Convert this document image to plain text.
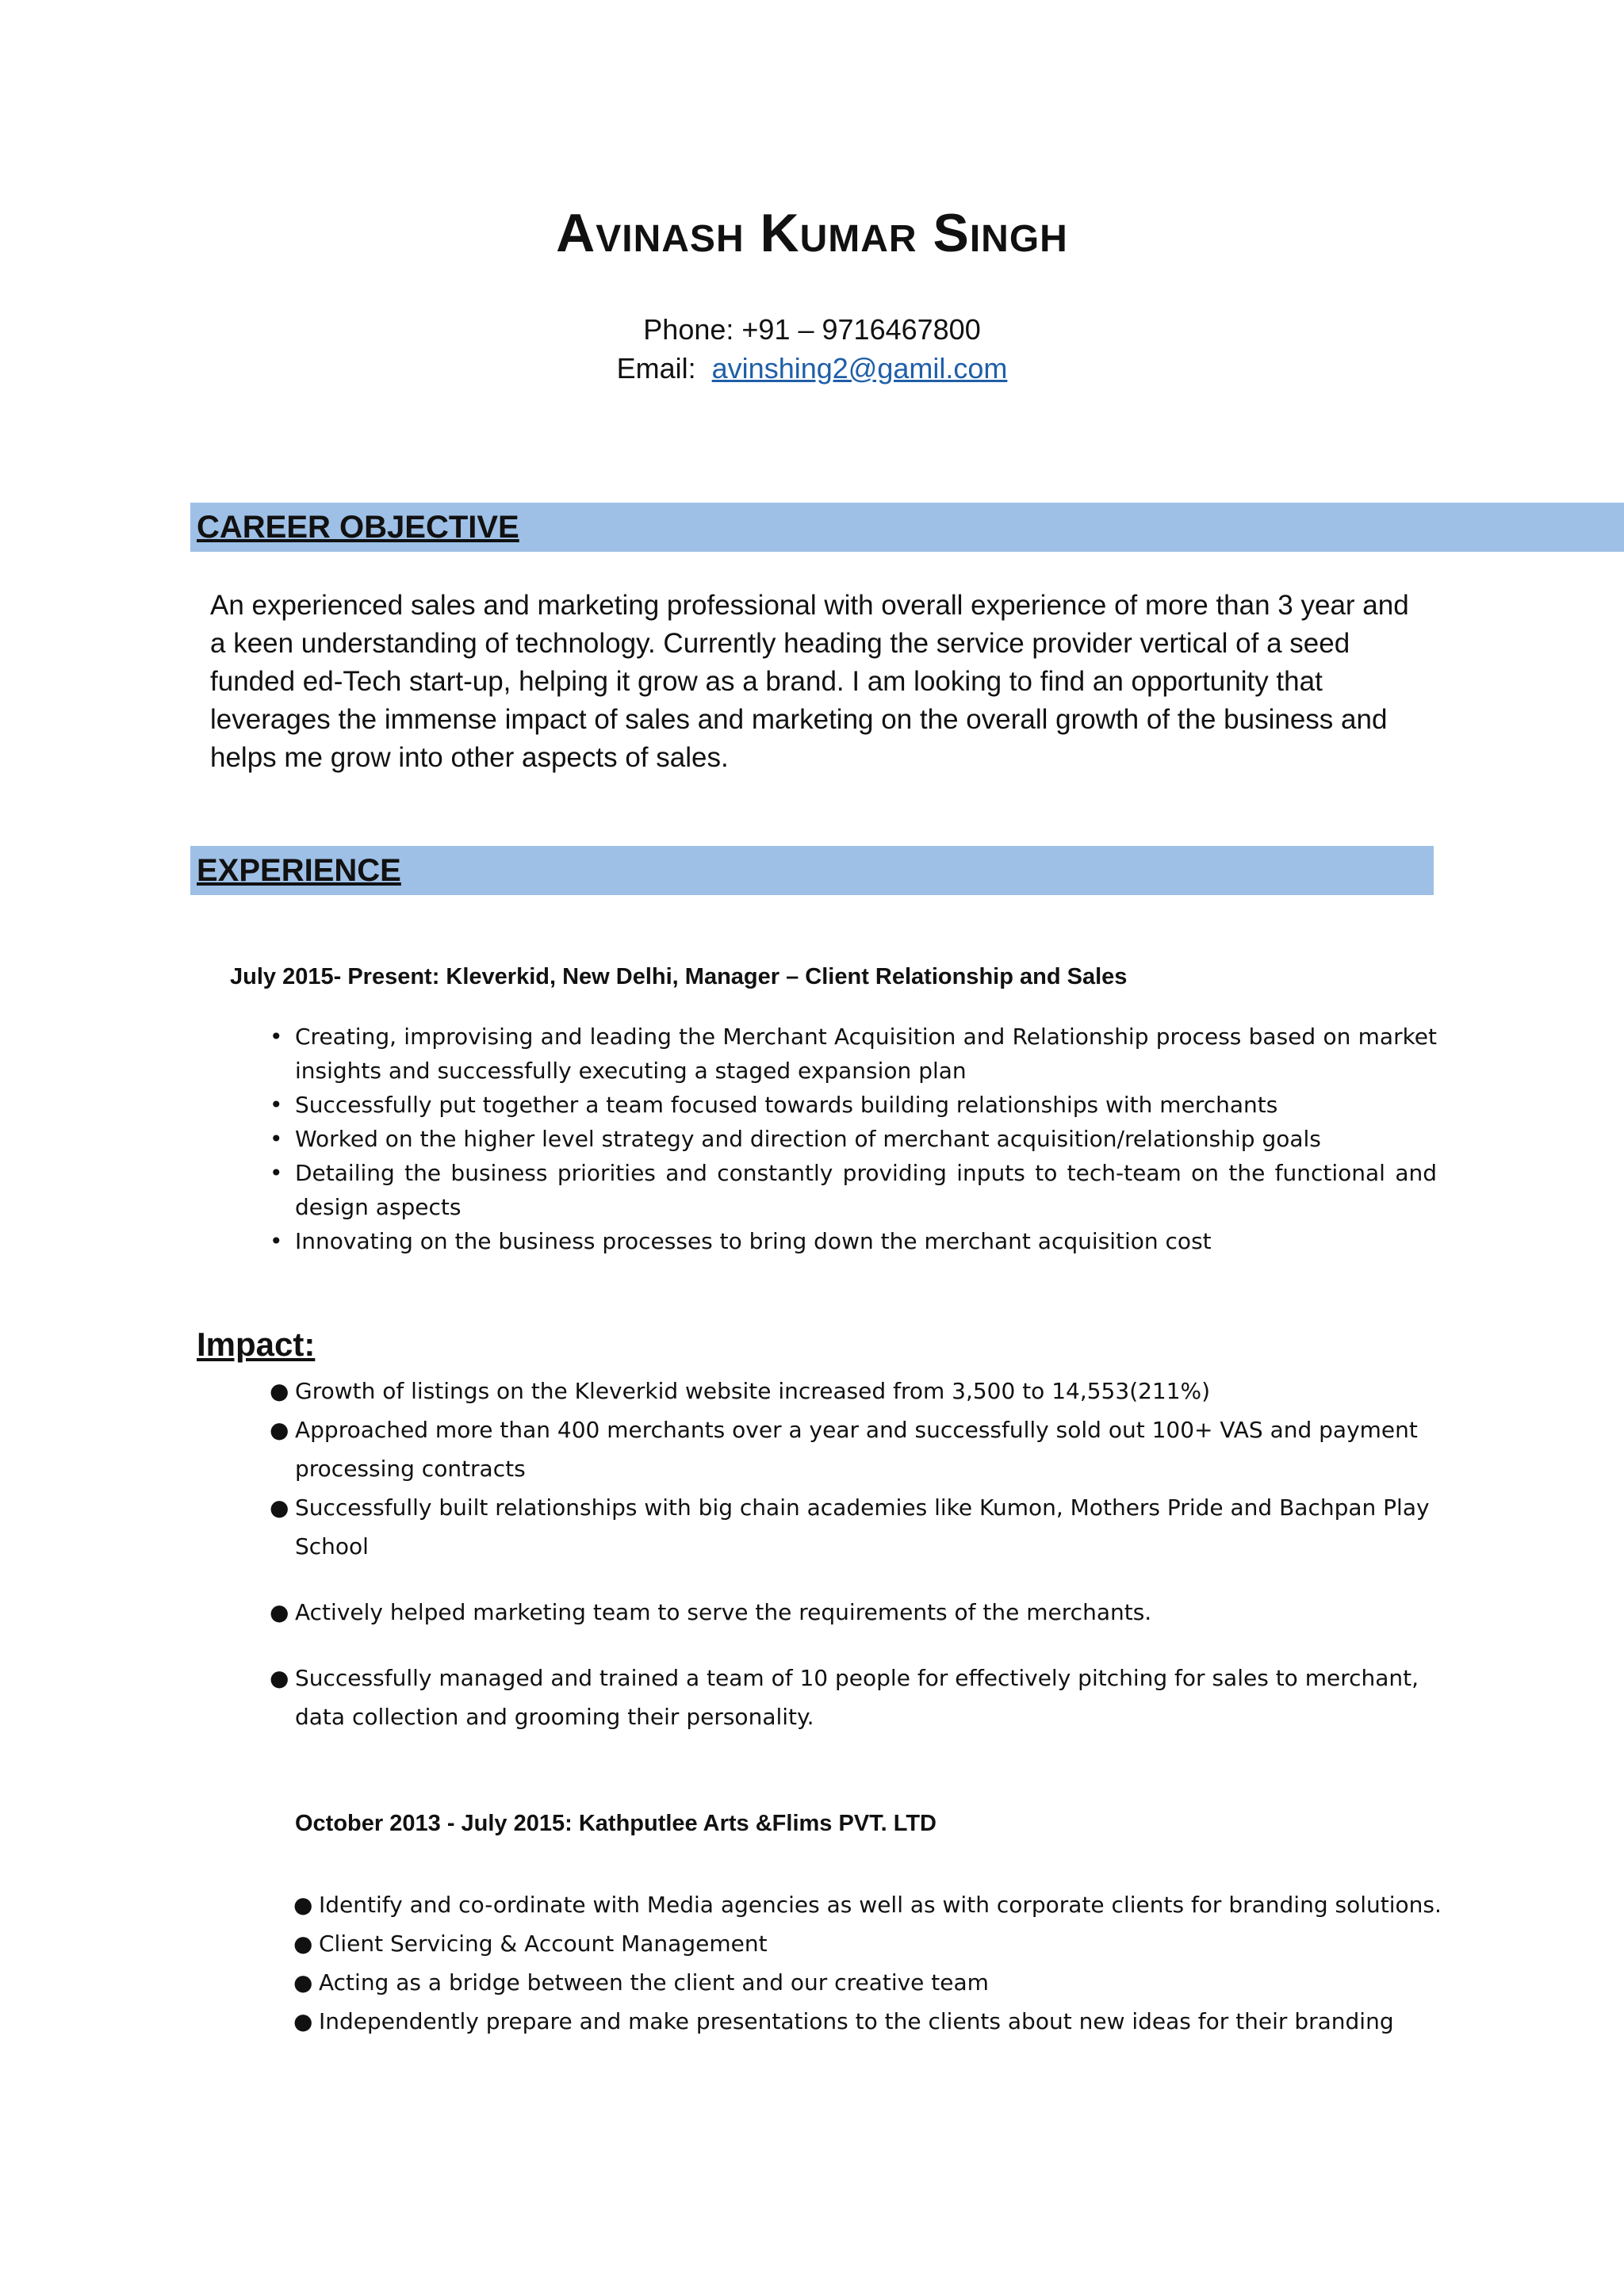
Avinash Kumar Singh
Phone: +91 – 9716467800
Email: avinshing2@gamil.com
CAREER OBJECTIVE
An experienced sales and marketing professional with overall experience of more than 3 year and a keen understanding of technology. Currently heading the service provider vertical of a seed funded ed-Tech start-up, helping it grow as a brand. I am looking to find an opportunity that leverages the immense impact of sales and marketing on the overall growth of the business and helps me grow into other aspects of sales.
EXPERIENCE
July 2015- Present: Kleverkid, New Delhi, Manager – Client Relationship and Sales
• Creating, improvising and leading the Merchant Acquisition and Relationship process based on market insights and successfully executing a staged expansion plan
• Successfully put together a team focused towards building relationships with merchants
• Worked on the higher level strategy and direction of merchant acquisition/relationship goals
• Detailing the business priorities and constantly providing inputs to tech-team on the functional and design aspects
• Innovating on the business processes to bring down the merchant acquisition cost
Impact:
● Growth of listings on the Kleverkid website increased from 3,500 to 14,553(211%)
● Approached more than 400 merchants over a year and successfully sold out 100+ VAS and payment processing contracts
● Successfully built relationships with big chain academies like Kumon, Mothers Pride and Bachpan Play School
● Actively helped marketing team to serve the requirements of the merchants.
● Successfully managed and trained a team of 10 people for effectively pitching for sales to merchant, data collection and grooming their personality.
October 2013 - July 2015: Kathputlee Arts &Flims PVT. LTD
● Identify and co-ordinate with Media agencies as well as with corporate clients for branding solutions.
● Client Servicing & Account Management
● Acting as a bridge between the client and our creative team
● Independently prepare and make presentations to the clients about new ideas for their branding
